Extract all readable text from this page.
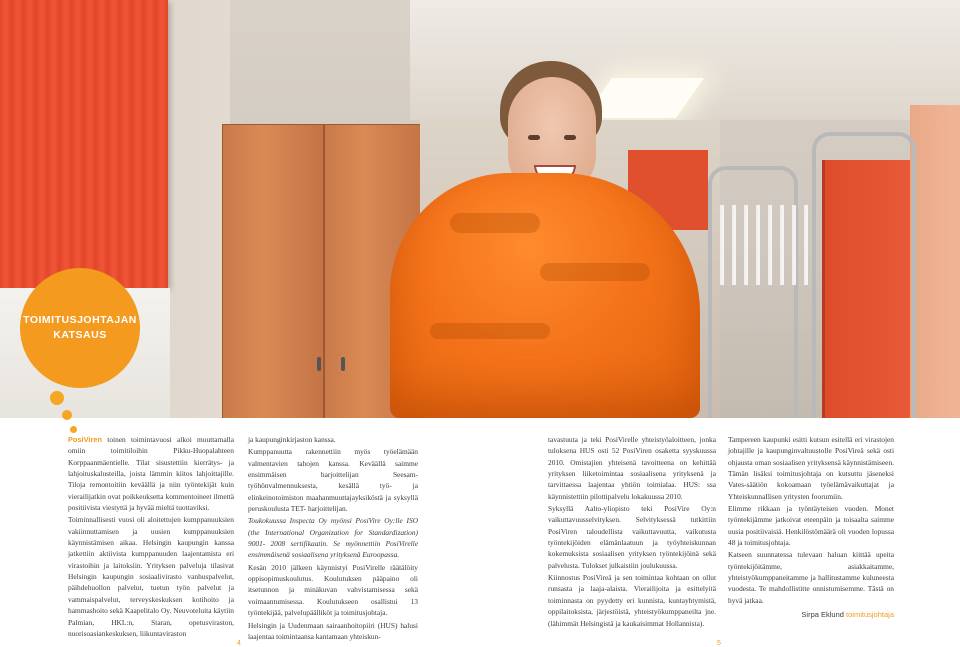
TOIMITUSJOHTAJAN
KATSAUS

PosiViren toinen toimintavuosi alkoi muuttamalla omiin toimitiloihin Pikku-Huopalahteen Korppaanmäentielle. Tilat sisustettiin kierrätys- ja lahjoituskalusteilla, joista lämmin kiitos lahjoittajille. Tiloja remontoitiin keväällä ja niin työntekijät kuin vierailijatkin ovat poikkeuksetta kommentoineet ilmettä positiivista viestyttä ja hyvää mieltä tuottaviksi.

Toiminnallisesti vuosi oli aloitettujen kumppanuuksien vakiinnuttamisen ja uusien kumppanuuksien käynnistämisen aikaa. Helsingin kaupungin kanssa jatkettiin aktiivista kumppanuuden laajentamista eri virastoihin ja laitoksiin. Yrityksen palveluja tilasivat Helsingin kaupungin sosiaalivirasto vanhuspalvelut, päihdehuollon palvelut, tuetun työn palvelut ja vammaispalvelut, terveyskeskuksen kotihoito ja hammashoito sekä Kaapelitalo Oy. Neuvoteluita käytiin Palmian, HKL:n, Staran, opetusviraston, nuorisoasiankeskuksen, liikuntaviraston

ja kaupunginkirjaston kanssa.

Kumppanuutta rakennettiin myös työelämään valmentavien tahojen kanssa. Keväällä saimme ensimmäisen harjoittelijan Seesam-työhönvalmennuksesta, kesällä työ- ja elinkeinotoimiston maahanmuuttajayksiköstä ja syksyllä peruskoulusta TET- harjoittelijan.

Toukokuussa Inspecta Oy myönsi PosiVire Oy:lle ISO (the International Organization for Standardization) 9001- 2008 sertifikaatin. Se myönnettiin PosiVirelle ensimmäisenä sosiaalisena yrityksenä Euroopassa.

Kesän 2010 jälkeen käynnistyi PosiVirelle räätälöity oppisopimuskoulutus. Koulutuksen pääpaino oli itsetunnon ja minäkuvan vahvistamisessa sekä voimaantumisessa. Koulutukseen osallistui 13 työntekijää, palvelupäälliköt ja toimitusjohtaja.

Helsingin ja Uudenmaan sairaanhoitopiiri (HUS) halusi laajentaa toimintaansa kantamaan yhteiskun-

tavastuuta ja teki PosiVirelle yhteistyöaloitteen, jonka tuloksena HUS osti 52 PosiViren osaketta syyskuussa 2010. Omistajien yhteisenä tavoitteena on kehittää yrityksen liiketoimintaa sosiaalisena yrityksenä ja tarvittaessa laajentaa yhtiön toimialaa. HUS: ssa käynnistettiin pilottipalvelu lokakuussa 2010.

Syksyllä Aalto-yliopisto teki PosiVire Oy:n vaikuttavuusselvityksen. Selvityksessä tutkittiin PosiViren taloudellista vaikuttavuutta, vaikutusta työntekijöiden elämänlaatuun ja työyhteiskunnan kokemuksista sosiaalisen yrityksen työntekijöinä sekä palvelusta. Tulokset julkaistiin joulukuussa.

Kiinnostus PosiVireä ja sen toimintaa kohtaan on ollut runsasta ja laaja-alaista. Vierailijoita ja esittelyitä toiminnasta on pyydetty eri kunnista, kuntayhtymistä, oppilaitoksista, järjestöistä, yhteistyökumppaneilta jne. (lähimmät Helsingistä ja kaukaisimmat Hollannista).

Tampereen kaupunki esitti kutsun esitellä eri virastojen johtajille ja kaupunginvaltuustolle PosiVireä sekä osti ohjausta oman sosiaalisen yrityksensä käynnistämiseen. Tämän lisäksi toimitusjohtaja on kutsuttu jäseneksi Vates-säätiön kokoamaan työelämävaikuttajat ja YhteiskunnaIlisen yritysten foorumiin.

Elimme rikkaan ja työntäyteisen vuoden. Monet työntekijämme jatkoivat eteenpäin ja toisaalta saimme uusia positiivaisiä. Henkilöstömäärä oli vuoden lopussa 48 ja toimitusjohtaja.

Katseen suunnatessa tulevaan haluan kiittää upeita työntekijöitämme, asiakkaitamme, yhteistyökumppaneitamme ja hallitustamme kuluneesta vuodesta. Te mahdollistitte onnistumisemme. Tästä on hyvä jatkaa.

Sirpa Eklund toimitusjohtaja
4	5
